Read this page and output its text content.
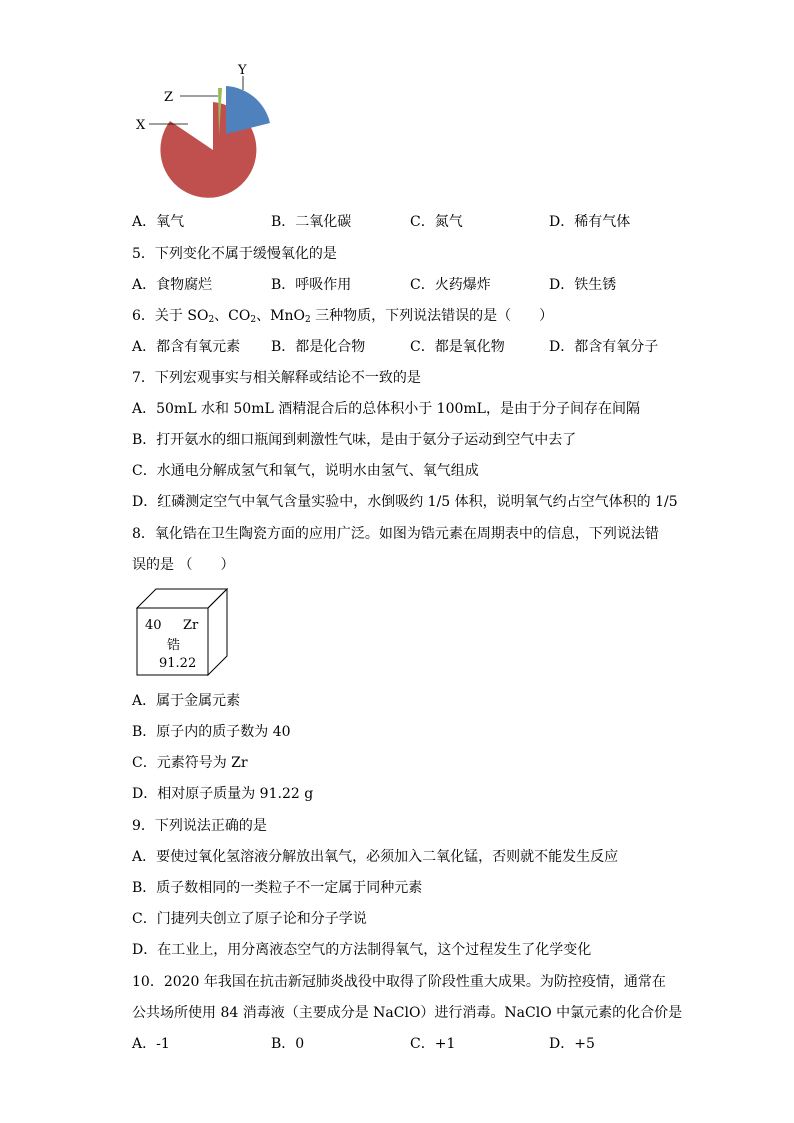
Y
Z
X
A．氧气	B．二氧化碳	C．氮气	D．稀有气体
5．下列变化不属于缓慢氧化的是
A．食物腐烂	B．呼吸作用	C．火药爆炸	D．铁生锈
6．关于 $SO_2$、$CO_2$、MnO$_2$ 三种物质，下列说法错误的是（　　）
A．都含有氧元素 B．都是化合物	C．都是氧化物	D．都含有氧分子
7．下列宏观事实与相关解释或结论不一致的是
A．50mL 水和 50mL 酒精混合后的总体积小于 100mL，是由于分子间存在间隔
B．打开氨水的细口瓶闻到刺激性气味，是由于氨分子运动到空气中去了
C．水通电分解成氢气和氧气，说明水由氢气、氧气组成
D．红磷测定空气中氧气含量实验中，水倒吸约 1/5 体积，说明氧气约占空气体积的 1/5
8．氧化锆在卫生陶瓷方面的应用广泛。如图为锆元素在周期表中的信息，下列说法错
误的是 （　　）
40 Zr
锆
91.22
A．属于金属元素
B．原子内的质子数为 40
C．元素符号为 Zr
D．相对原子质量为 91.22 g
9．下列说法正确的是
A．要使过氧化氢溶液分解放出氧气，必须加入二氧化锰，否则就不能发生反应
B．质子数相同的一类粒子不一定属于同种元素
C．门捷列夫创立了原子论和分子学说
D．在工业上，用分离液态空气的方法制得氧气，这个过程发生了化学变化
10．2020 年我国在抗击新冠肺炎战役中取得了阶段性重大成果。为防控疫情，通常在
公共场所使用 84 消毒液（主要成分是 NaClO）进行消毒。NaClO 中氯元素的化合价是
A．-1	B．0	C．+1	D．+5
